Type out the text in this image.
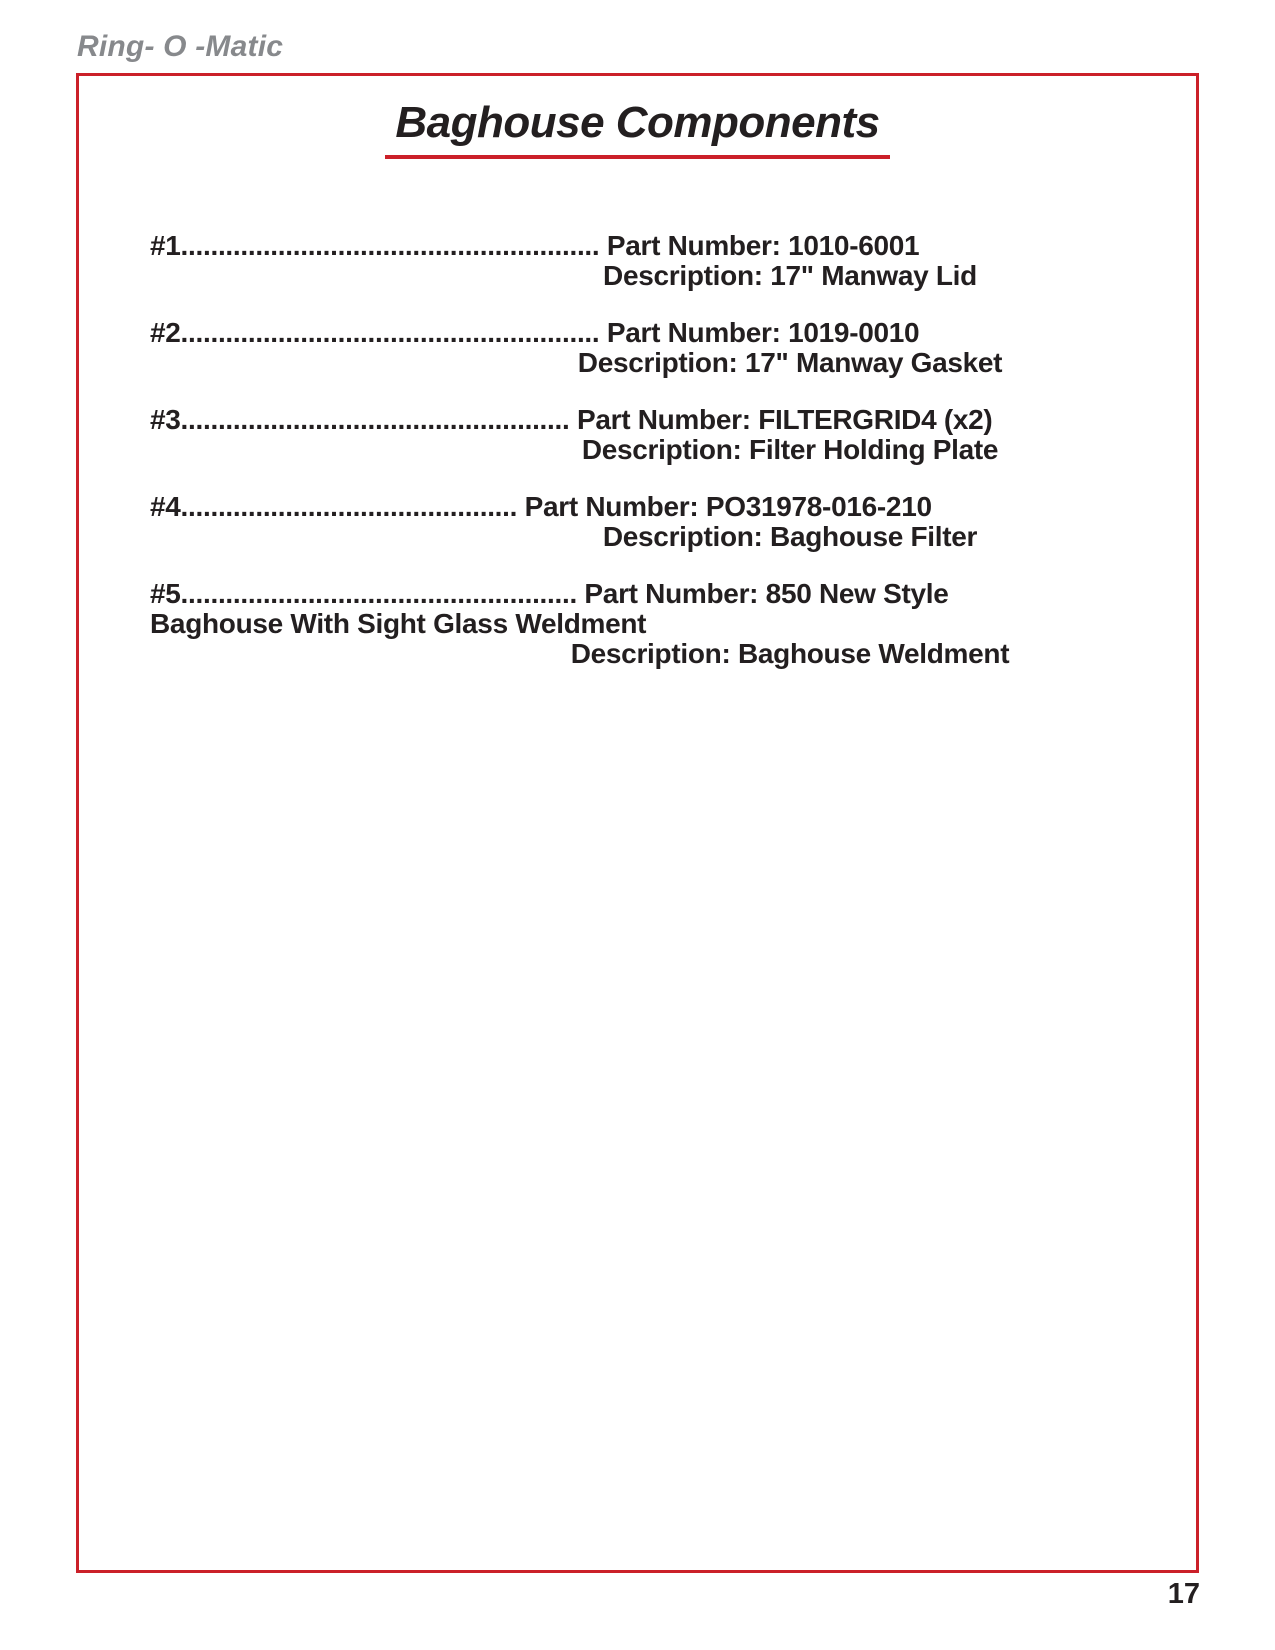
Ring- O -Matic
Baghouse Components
#1........................................................ Part Number: 1010-6001
Description: 17" Manway Lid
#2........................................................ Part Number: 1019-0010
Description: 17" Manway Gasket
#3.................................................... Part Number: FILTERGRID4 (x2)
Description: Filter Holding Plate
#4............................................. Part Number: PO31978-016-210
Description: Baghouse Filter
#5..................................................... Part Number: 850 New Style
Baghouse With Sight Glass Weldment
Description: Baghouse Weldment
17
